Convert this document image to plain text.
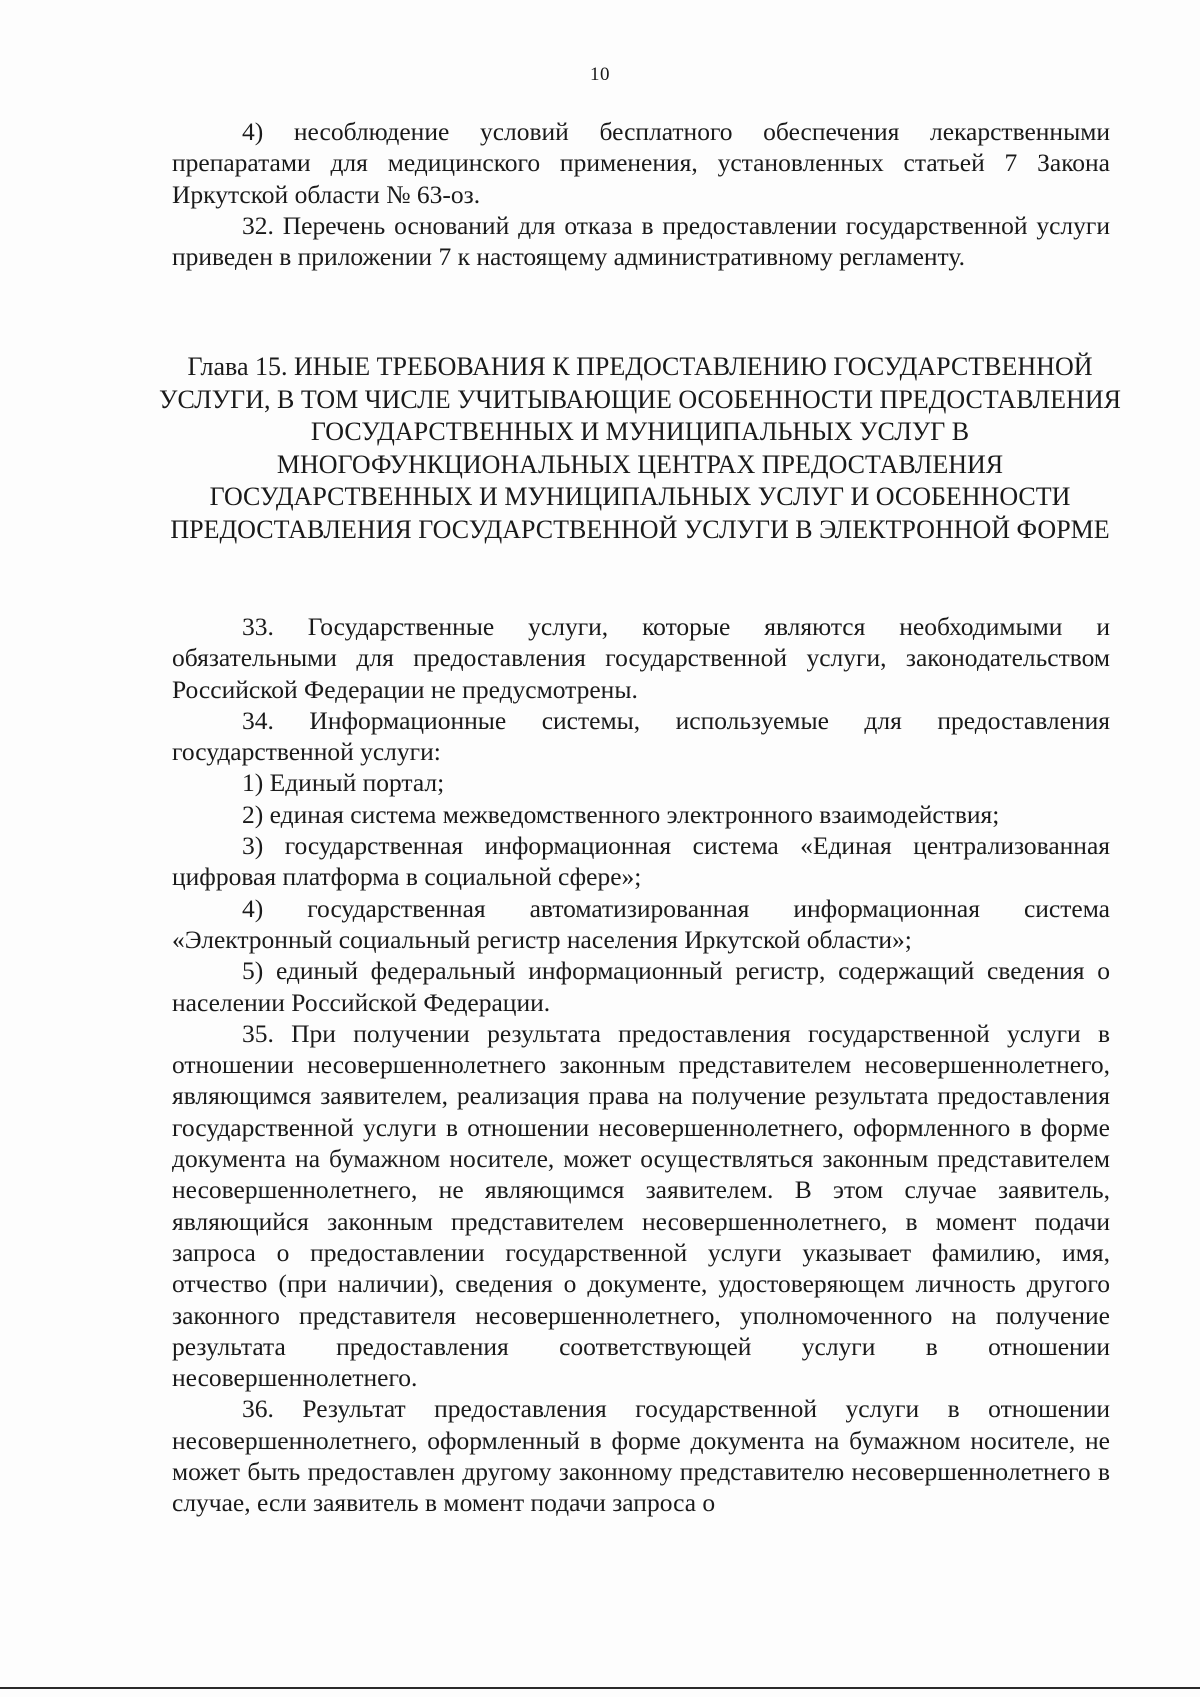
10

4) несоблюдение условий бесплатного обеспечения лекарственными препаратами для медицинского применения, установленных статьей 7 Закона Иркутской области № 63-оз.

32. Перечень оснований для отказа в предоставлении государственной услуги приведен в приложении 7 к настоящему административному регламенту.

Глава 15. ИНЫЕ ТРЕБОВАНИЯ К ПРЕДОСТАВЛЕНИЮ ГОСУДАРСТВЕННОЙ УСЛУГИ, В ТОМ ЧИСЛЕ УЧИТЫВАЮЩИЕ ОСОБЕННОСТИ ПРЕДОСТАВЛЕНИЯ ГОСУДАРСТВЕННЫХ И МУНИЦИПАЛЬНЫХ УСЛУГ В МНОГОФУНКЦИОНАЛЬНЫХ ЦЕНТРАХ ПРЕДОСТАВЛЕНИЯ ГОСУДАРСТВЕННЫХ И МУНИЦИПАЛЬНЫХ УСЛУГ И ОСОБЕННОСТИ ПРЕДОСТАВЛЕНИЯ ГОСУДАРСТВЕННОЙ УСЛУГИ В ЭЛЕКТРОННОЙ ФОРМЕ

33. Государственные услуги, которые являются необходимыми и обязательными для предоставления государственной услуги, законодательством Российской Федерации не предусмотрены.

34. Информационные системы, используемые для предоставления государственной услуги:

1) Единый портал;

2) единая система межведомственного электронного взаимодействия;

3) государственная информационная система «Единая централизованная цифровая платформа в социальной сфере»;

4) государственная автоматизированная информационная система «Электронный социальный регистр населения Иркутской области»;

5) единый федеральный информационный регистр, содержащий сведения о населении Российской Федерации.

35. При получении результата предоставления государственной услуги в отношении несовершеннолетнего законным представителем несовершеннолетнего, являющимся заявителем, реализация права на получение результата предоставления государственной услуги в отношении несовершеннолетнего, оформленного в форме документа на бумажном носителе, может осуществляться законным представителем несовершеннолетнего, не являющимся заявителем. В этом случае заявитель, являющийся законным представителем несовершеннолетнего, в момент подачи запроса о предоставлении государственной услуги указывает фамилию, имя, отчество (при наличии), сведения о документе, удостоверяющем личность другого законного представителя несовершеннолетнего, уполномоченного на получение результата предоставления соответствующей услуги в отношении несовершеннолетнего.

36. Результат предоставления государственной услуги в отношении несовершеннолетнего, оформленный в форме документа на бумажном носителе, не может быть предоставлен другому законному представителю несовершеннолетнего в случае, если заявитель в момент подачи запроса о
